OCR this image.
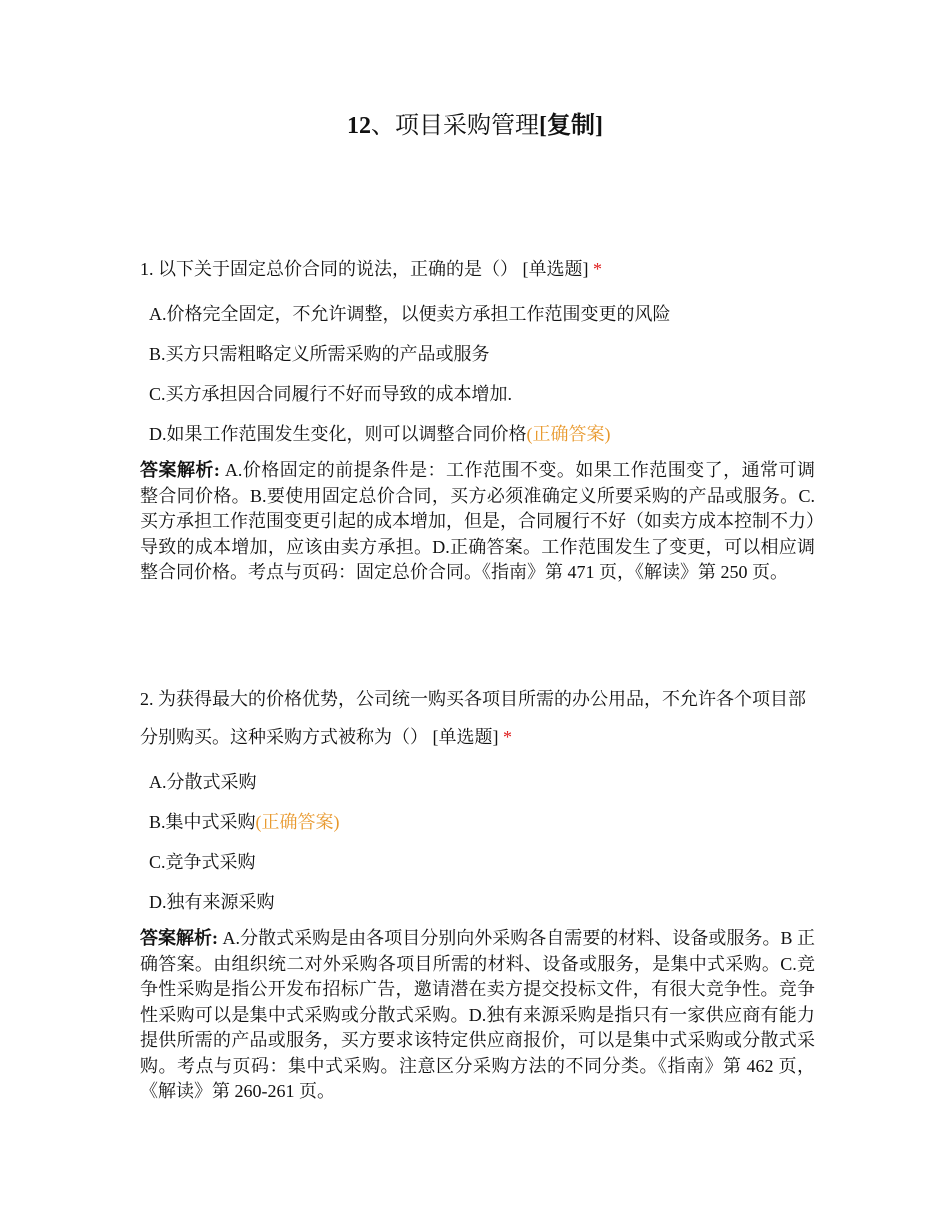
12、项目采购管理[复制]

1. 以下关于固定总价合同的说法，正确的是（） [单选题] *

A.价格完全固定，不允许调整，以便卖方承担工作范围变更的风险
B.买方只需粗略定义所需采购的产品或服务
C.买方承担因合同履行不好而导致的成本增加.
D.如果工作范围发生变化，则可以调整合同价格(正确答案)
答案解析: A.价格固定的前提条件是：工作范围不变。如果工作范围变了，通常可调整合同价格。B.要使用固定总价合同，买方必须准确定义所要采购的产品或服务。C.买方承担工作范围变更引起的成本增加，但是，合同履行不好（如卖方成本控制不力）导致的成本增加，应该由卖方承担。D.正确答案。工作范围发生了变更，可以相应调整合同价格。考点与页码：固定总价合同。《指南》第 471 页，《解读》第 250 页。

2. 为获得最大的价格优势，公司统一购买各项目所需的办公用品，不允许各个项目部分别购买。这种采购方式被称为（） [单选题] *

A.分散式采购
B.集中式采购(正确答案)
C.竞争式采购
D.独有来源采购
答案解析: A.分散式采购是由各项目分别向外采购各自需要的材料、设备或服务。B 正确答案。由组织统二对外采购各项目所需的材料、设备或服务，是集中式采购。C.竞争性采购是指公开发布招标广告，邀请潜在卖方提交投标文件，有很大竞争性。竞争性采购可以是集中式采购或分散式采购。D.独有来源采购是指只有一家供应商有能力提供所需的产品或服务，买方要求该特定供应商报价，可以是集中式采购或分散式采购。考点与页码：集中式采购。注意区分采购方法的不同分类。《指南》第 462 页，《解读》第 260-261 页。
